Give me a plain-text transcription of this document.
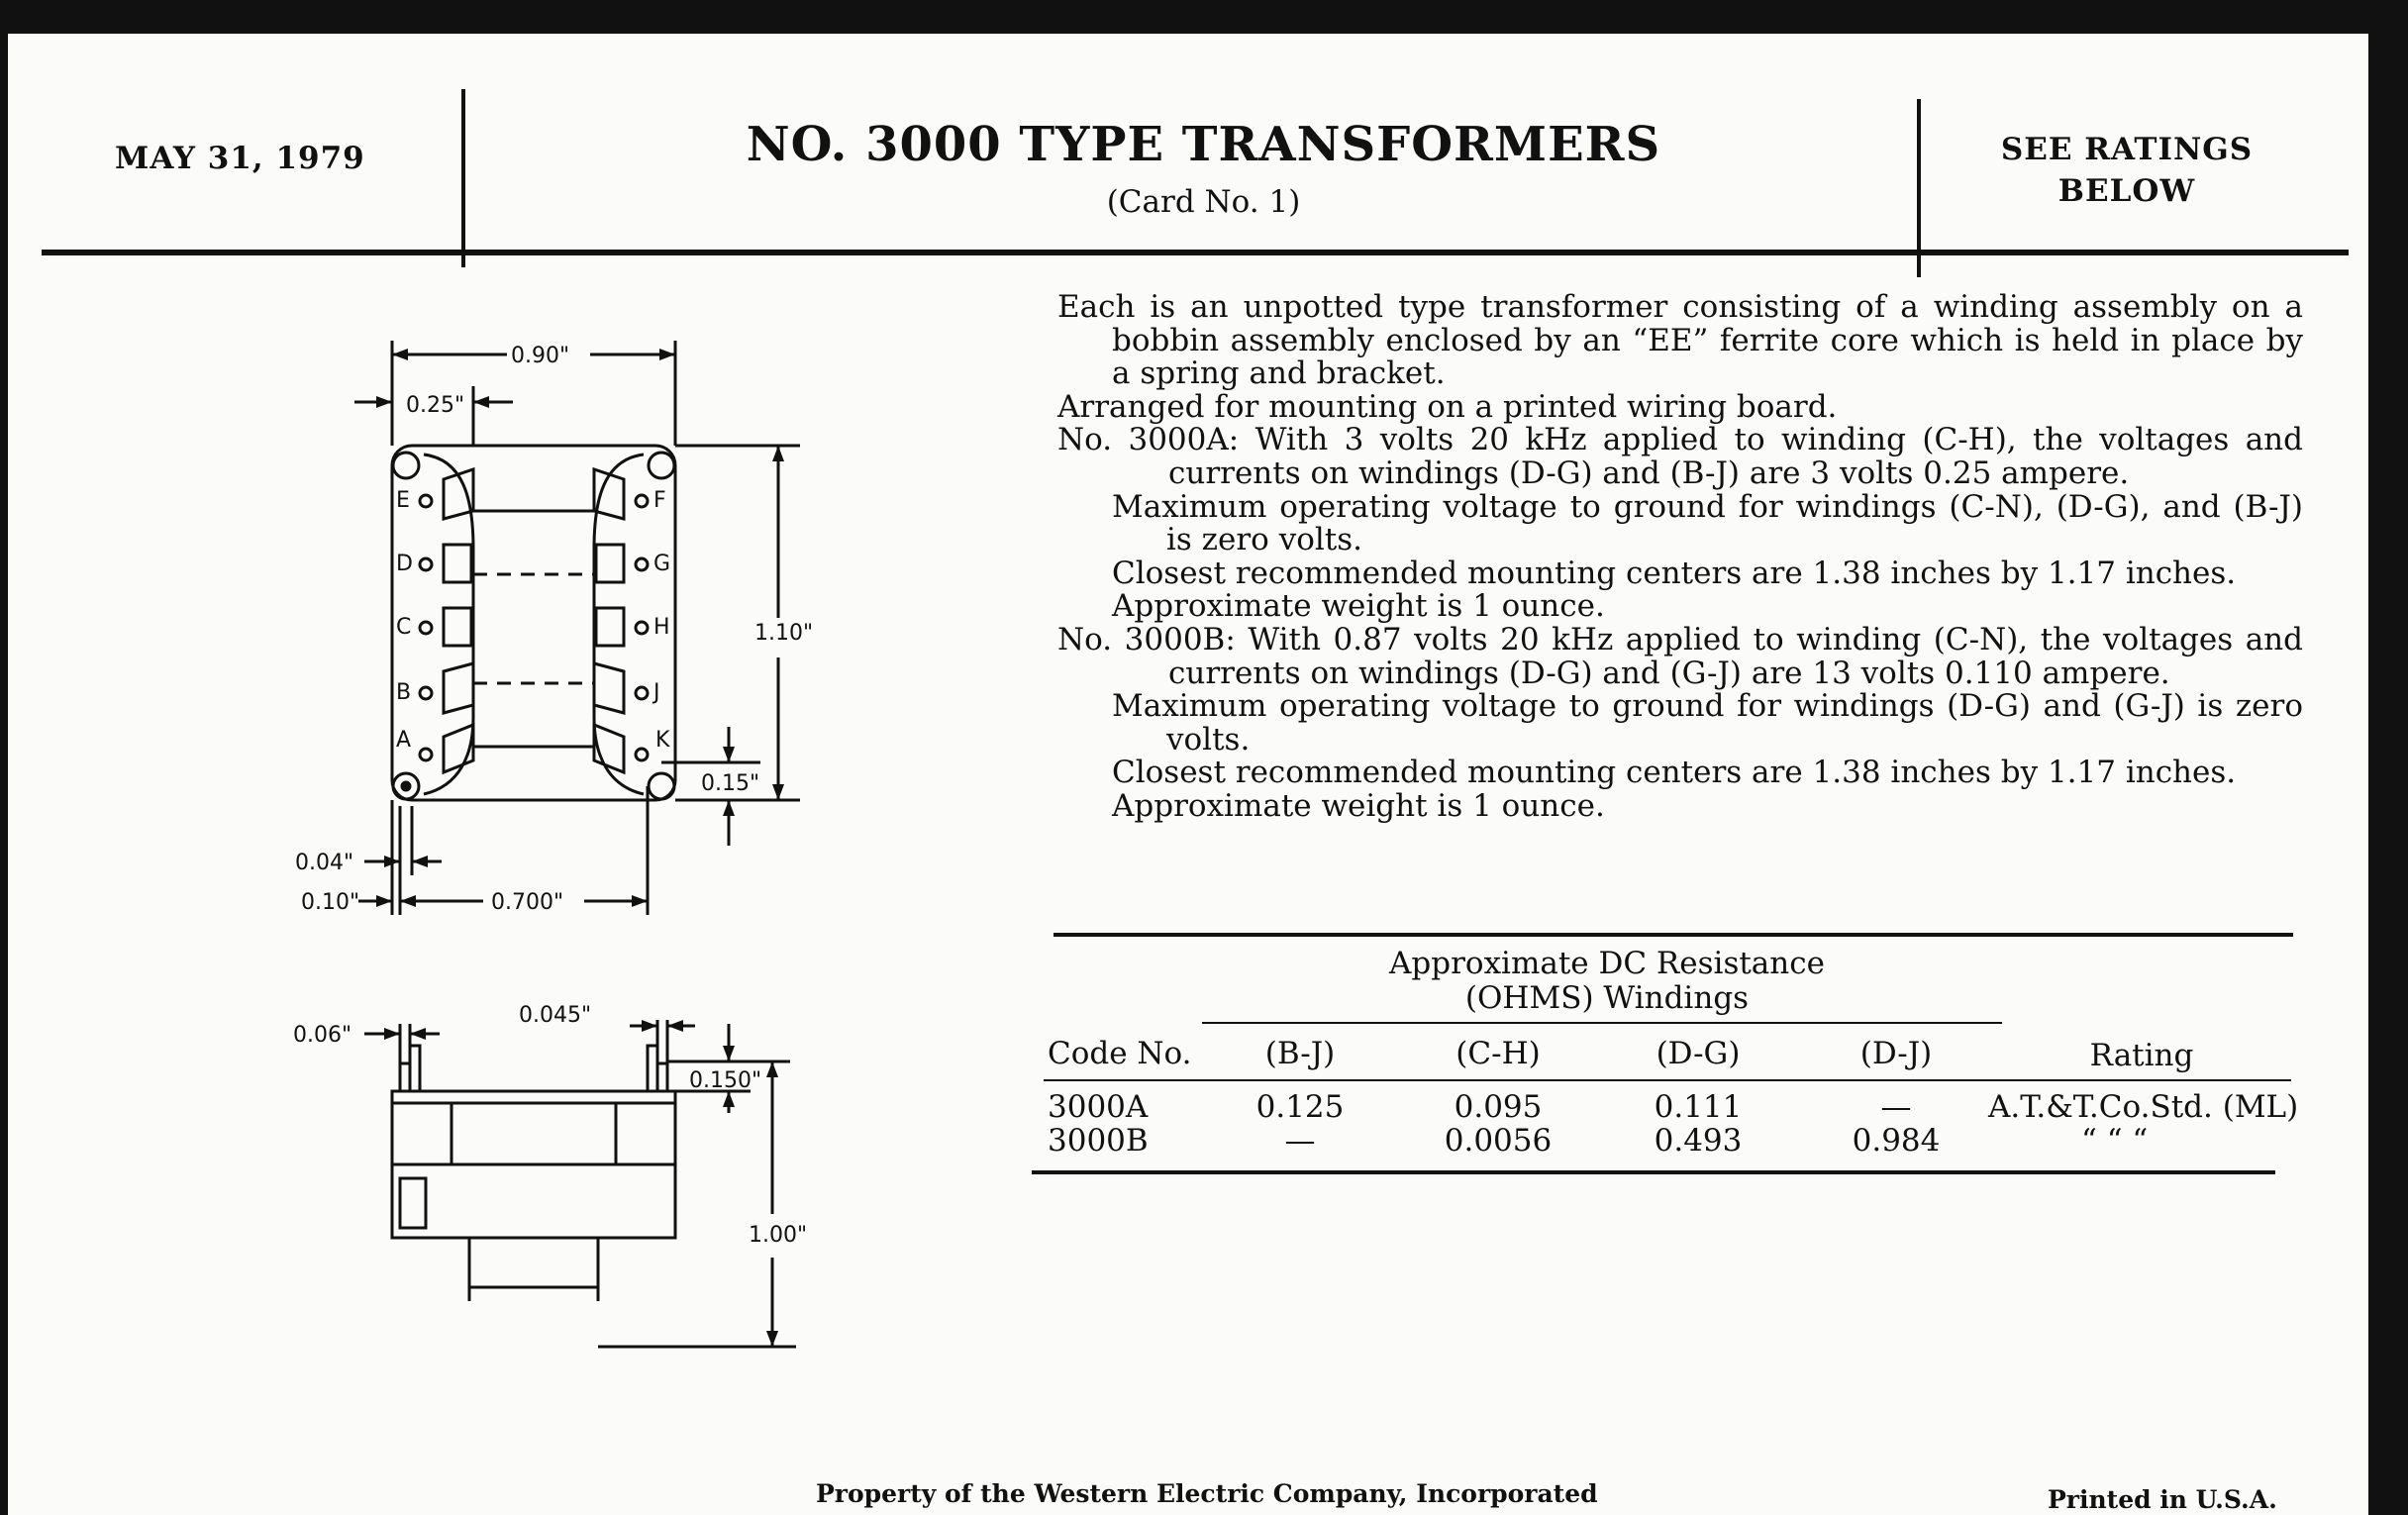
MAY 31, 1979	NO. 3000 TYPE TRANSFORMERS
(Card No. 1)
SEE RATINGS
BELOW
0.90"
0.25"
1.10"
0.15"
0.04"
0.10"	0.700"
E
D
C
B
A
F
G
H
J
K
0.06"
0.045"
0.150"
1.00"

Each is an unpotted type transformer consisting of a winding assembly on a bobbin assembly enclosed by an “EE” ferrite core which is held in place by a spring and bracket.

Arranged for mounting on a printed wiring board.

No. 3000A: With 3 volts 20 kHz applied to winding (C-H), the voltages and currents on windings (D-G) and (B-J) are 3 volts 0.25 ampere.

Maximum operating voltage to ground for windings (C-N), (D-G), and (B-J) is zero volts.

Closest recommended mounting centers are 1.38 inches by 1.17 inches.

Approximate weight is 1 ounce.

No. 3000B: With 0.87 volts 20 kHz applied to winding (C-N), the voltages and currents on windings (D-G) and (G-J) are 13 volts 0.110 ampere.

Maximum operating voltage to ground for windings (D-G) and (G-J) is zero volts.

Closest recommended mounting centers are 1.38 inches by 1.17 inches.

Approximate weight is 1 ounce.

Approximate DC Resistance
(OHMS) Windings
Code No.	(B-J)	(C-H)	(D-G)	(D-J)	Rating
3000A	0.125	0.095	0.111	—	A.T.&T.Co.Std. (ML)
3000B	—	0.0056	0.493	0.984	“ “ “
Property of the Western Electric Company, Incorporated	Printed in U.S.A.
